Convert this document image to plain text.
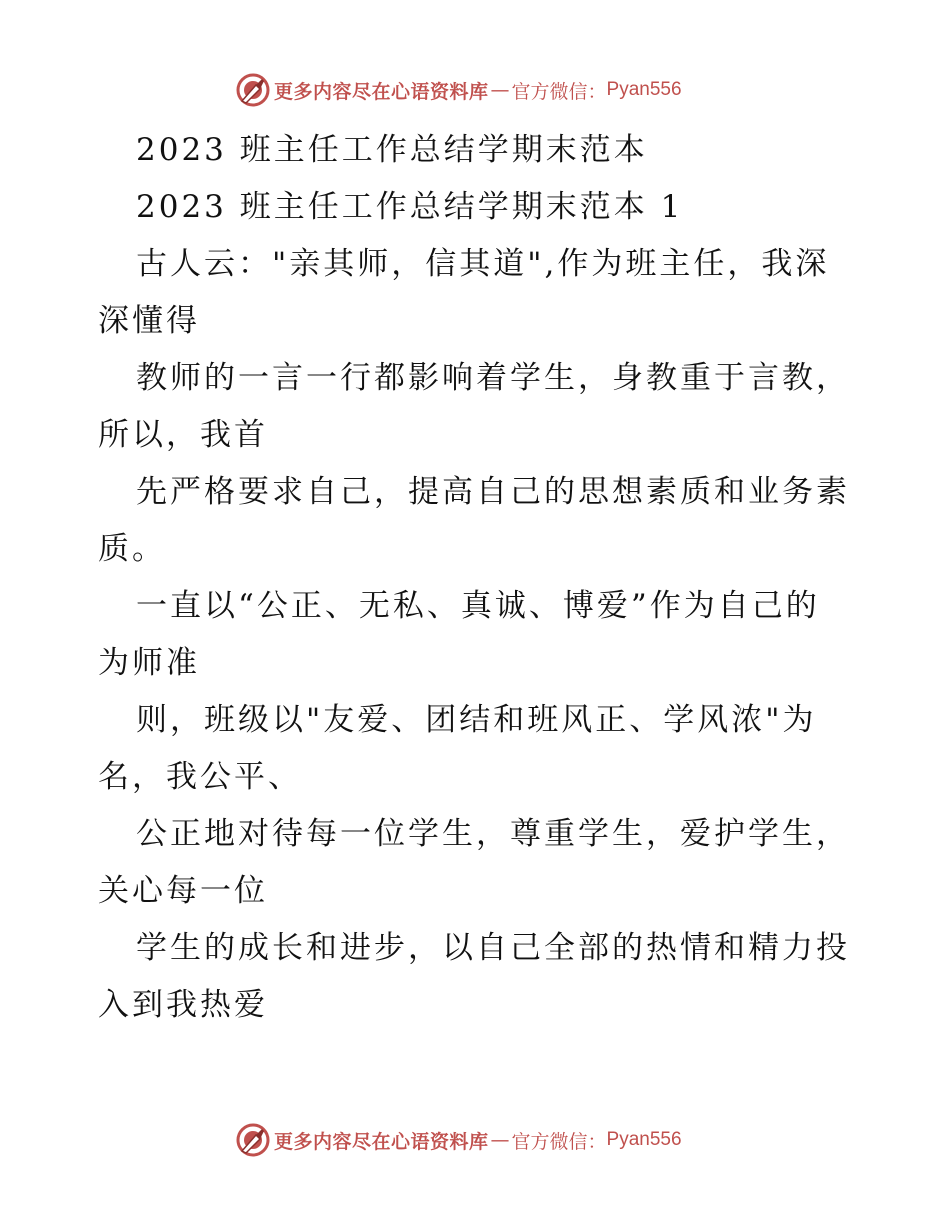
更多内容尽在心语资料库 — 官方微信： Pyan556
2023 班主任工作总结学期末范本
2023 班主任工作总结学期末范本 1
古人云："亲其师，信其道",作为班主任，我深
深懂得
教师的一言一行都影响着学生，身教重于言教，
所以，我首
先严格要求自己，提高自己的思想素质和业务素
质。
一直以“公正、无私、真诚、博爱”作为自己的
为师准
则，班级以"友爱、团结和班风正、学风浓"为
名，我公平、
公正地对待每一位学生，尊重学生，爱护学生，
关心每一位
学生的成长和进步，以自己全部的热情和精力投
入到我热爱
更多内容尽在心语资料库 — 官方微信： Pyan556
